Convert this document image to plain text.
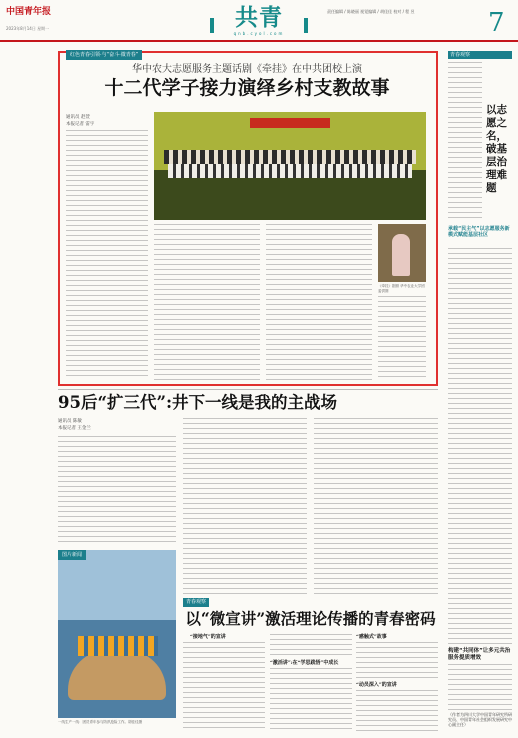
中国青年报
2023年8月14日 星期一	共青
qnb.cyol.com
责任编辑 / 陈晓丽 视觉编辑 / 胡佳佳 校对 / 程 昱	7
红色青春引领·与“奋斗·微青春”
华中农大志愿服务主题话剧《牵挂》在中共团校上演
十二代学子接力演绎乡村支教故事
通讯员 赵萱
本报记者 雷宇
《牵挂》剧照 华中农业大学团委供图
青春观察
以志愿之名，破基层治理难题
承载“民主气”以志愿服务新模式赋能基层社区
构建“共同体”让多元共治服务提质增效
（作者为四川大学中国青年研究所研究员、中国青年社会组织发展研究中心副主任）
95后“扩三代”:井下一线是我的主战场
通讯员 陈敏
本报记者 王金兰
图片新闻
一线生产一线：团员青年参与防汛抢险工作。胡佳佳摄
青春观察
以“微宣讲”激活理论传播的青春密码
“接地气”的宣讲
“激活讲”:在“学思践悟”中成长
“感触式”故事
“动员深入”的宣讲
